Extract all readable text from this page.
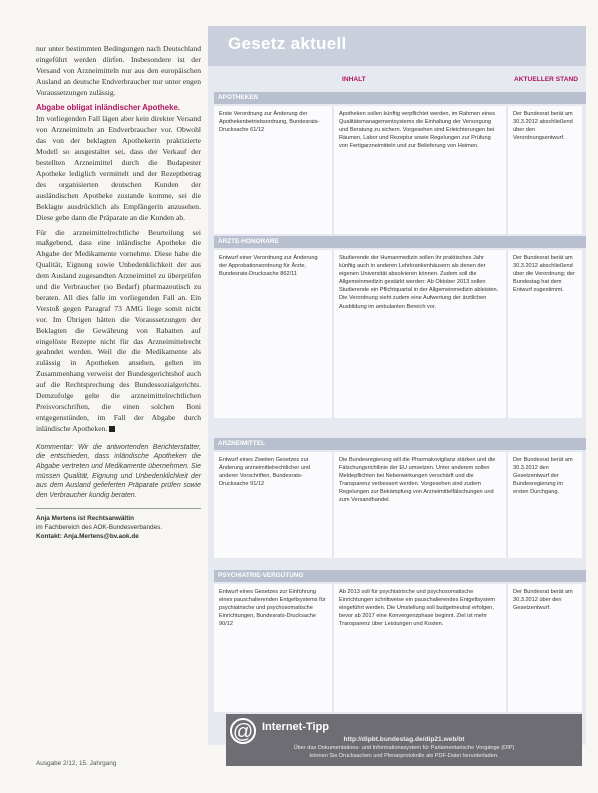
nur unter bestimmten Bedingungen nach Deutschland eingeführt werden dürfen. Insbesondere ist der Versand von Arzneimitteln nur aus den europäischen Ausland an deutsche Endverbraucher nur unter engen Voraussetzungen zulässig.

Abgabe obligat inländischer Apotheke.

Im vorliegenden Fall lägen aber kein direkter Versand von Arzneimitteln an Endverbraucher vor. Obwohl das von der beklagten Apothekerin praktizierte Modell so ausgestaltet sei, dass der Verkauf der bestellten Arzneimittel durch die Budapester Apotheke lediglich vermittelt und der Rezeptbetrag des organisierten deutschen Kunden der ausländischen Apotheke zustande komme, sei die Beklagte ausdrücklich als Empfängerin anzusehen. Diese gebe dann die Präparate an die Kunden ab.

Für die arzneimittelrechtliche Beurteilung sei maßgebend, dass eine inländische Apotheke die Abgabe der Medikamente vornehme. Diese habe die Qualität, Eignung sowie Unbedenklichkeit der aus dem Ausland zugesandten Arzneimittel zu überprüfen und die Verbraucher (so Bedarf) pharmazeutisch zu beraten. All dies falle im vorliegenden Fall an. Ein Verstoß gegen Paragraf 73 AMG liege somit nicht vor. Im Übrigen hätten die Voraussetzungen der Beklagten die Gewährung von Rabatten auf eingelöste Rezepte nicht für das Arzneimittelrecht geahndet werden. Weil die die Medikamente als zulässig in Apotheken ansehen, gelten im Zusammenhang verweist der Bundesgerichtshof auch auf die Rechtsprechung des Bundessozialgerichts. Demzufolge gelte die arzneimittelrechtlichen Preisvorschriften, die einen solchen Boni entgegenstünden, im Fall der Abgabe durch inländische Apotheken.

Kommentar: Wir die antwortenden Berichterstatter, die entschieden, dass inländische Apotheken die Abgabe vertreten und Medikamente übernehmen. Sie müssen Qualität, Eignung und Unbedenklichkeit der aus dem Ausland gelieferten Präparate prüfen sowie den Verbraucher kundig beraten.
Anja Mertens ist Rechtsanwältin
im Fachbereich des AOK-Bundesverbandes.
Kontakt: Anja.Mertens@bv.aok.de
Ausgabe 2/12, 15. Jahrgang
Gesetz aktuell
INHALT	AKTUELLER STAND
APOTHEKEN
Erste Verordnung zur Änderung der Apothekenbetriebsordnung, Bundesrats-Drucksache 61/12
Apotheken sollen künftig verpflichtet werden, im Rahmen eines Qualitätsmanagementsystems die Einhaltung der Versorgung und Beratung zu sichern. Vorgesehen sind Erleichterungen bei Räumen, Labor und Rezeptur sowie Regelungen zur Prüfung von Fertigarzneimitteln und zur Belieferung von Heimen.
Der Bundesrat berät am 30.3.2012 abschließend über den Verordnungsentwurf.
ÄRZTE-HONORARE
Entwurf einer Verordnung zur Änderung der Approbationsordnung für Ärzte, Bundesrats-Drucksache 862/11
Studierende der Humanmedizin sollen ihr praktisches Jahr künftig auch in anderen Lehrkrankenhäusern als denen der eigenen Universität absolvieren können. Zudem soll die Allgemeinmedizin gestärkt werden: Ab Oktober 2013 sollen Studierende ein Pflichtquartal in der Allgemeinmedizin ableisten. Die Verordnung sieht zudem eine Aufwertung der ärztlichen Ausbildung im ambulanten Bereich vor.
Der Bundesrat berät am 30.3.2012 abschließend über die Verordnung; der Bundestag hat dem Entwurf zugestimmt.
ARZNEIMITTEL
Entwurf eines Zweiten Gesetzes zur Änderung arzneimittelrechtlicher und anderer Vorschriften, Bundesrats-Drucksache 91/12
Die Bundesregierung will die Pharmakovigilanz stärken und die Fälschungsrichtlinie der EU umsetzen. Unter anderem sollen Meldepflichten bei Nebenwirkungen verschärft und die Transparenz verbessert werden. Vorgesehen sind zudem Regelungen zur Bekämpfung von Arzneimittelfälschungen und zum Versandhandel.
Der Bundesrat berät am 30.3.2012 den Gesetzentwurf der Bundesregierung im ersten Durchgang.
PSYCHIATRIE-VERGÜTUNG
Entwurf eines Gesetzes zur Einführung eines pauschalierenden Entgeltsystems für psychiatrische und psychosomatische Einrichtungen, Bundesrats-Drucksache 90/12
Ab 2013 soll für psychiatrische und psychosomatische Einrichtungen schrittweise ein pauschalierendes Entgeltsystem eingeführt werden. Die Umstellung soll budgetneutral erfolgen, bevor ab 2017 eine Konvergenzphase beginnt. Ziel ist mehr Transparenz über Leistungen und Kosten.
Der Bundesrat berät am 30.3.2012 über den Gesetzentwurf.
@ Internet-Tipp
http://dipbt.bundestag.de/dip21.web/bt
Über das Dokumentations- und Informationssystem für Parlamentarische Vorgänge (DIP)
können Sie Drucksachen und Plenarprotokolle als PDF-Datei herunterladen.
